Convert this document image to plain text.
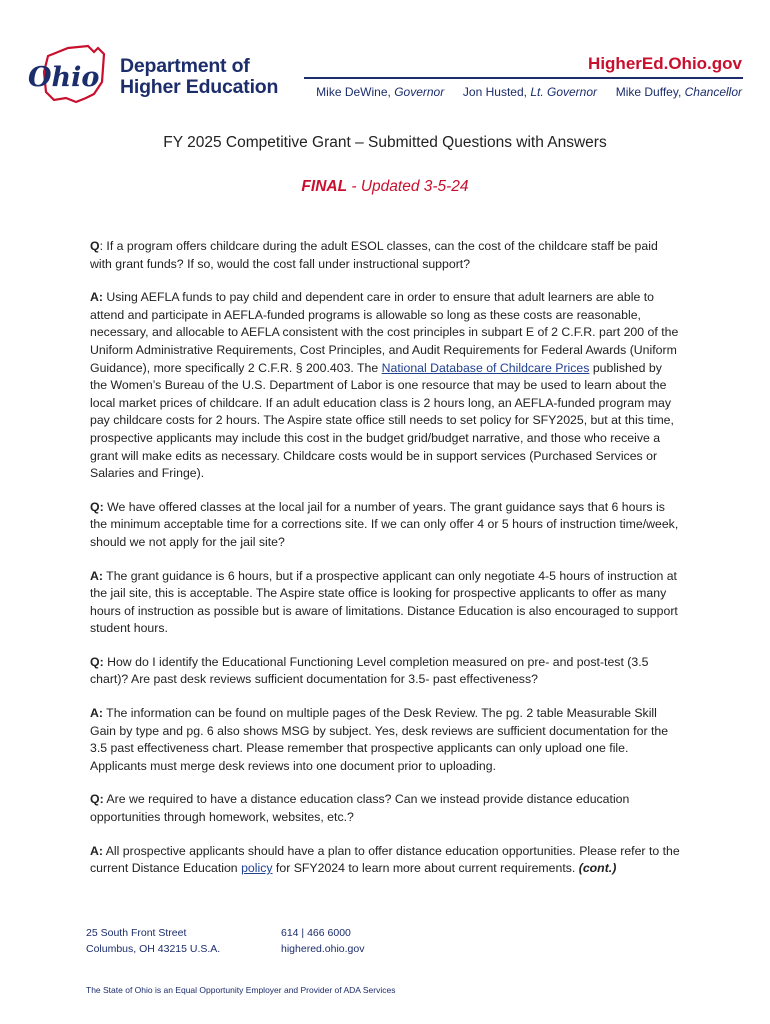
Ohio Department of
Higher Education
HigherEd.Ohio.gov
Mike DeWine, Governor Jon Husted, Lt. Governor Mike Duffey, Chancellor
FY 2025 Competitive Grant – Submitted Questions with Answers
FINAL - Updated 3-5-24

Q: If a program offers childcare during the adult ESOL classes, can the cost of the childcare staff be paid with grant funds? If so, would the cost fall under instructional support?

A: Using AEFLA funds to pay child and dependent care in order to ensure that adult learners are able to attend and participate in AEFLA-funded programs is allowable so long as these costs are reasonable, necessary, and allocable to AEFLA consistent with the cost principles in subpart E of 2 C.F.R. part 200 of the Uniform Administrative Requirements, Cost Principles, and Audit Requirements for Federal Awards (Uniform Guidance), more specifically 2 C.F.R. § 200.403. The National Database of Childcare Prices published by the Women’s Bureau of the U.S. Department of Labor is one resource that may be used to learn about the local market prices of childcare. If an adult education class is 2 hours long, an AEFLA-funded program may pay childcare costs for 2 hours. The Aspire state office still needs to set policy for SFY2025, but at this time, prospective applicants may include this cost in the budget grid/budget narrative, and those who receive a grant will make edits as necessary. Childcare costs would be in support services (Purchased Services or Salaries and Fringe).

Q: We have offered classes at the local jail for a number of years. The grant guidance says that 6 hours is the minimum acceptable time for a corrections site. If we can only offer 4 or 5 hours of instruction time/week, should we not apply for the jail site?

A: The grant guidance is 6 hours, but if a prospective applicant can only negotiate 4-5 hours of instruction at the jail site, this is acceptable. The Aspire state office is looking for prospective applicants to offer as many hours of instruction as possible but is aware of limitations. Distance Education is also encouraged to support student hours.

Q: How do I identify the Educational Functioning Level completion measured on pre- and post-test (3.5 chart)? Are past desk reviews sufficient documentation for 3.5- past effectiveness?

A: The information can be found on multiple pages of the Desk Review. The pg. 2 table Measurable Skill Gain by type and pg. 6 also shows MSG by subject. Yes, desk reviews are sufficient documentation for the 3.5 past effectiveness chart. Please remember that prospective applicants can only upload one file. Applicants must merge desk reviews into one document prior to uploading.

Q: Are we required to have a distance education class? Can we instead provide distance education opportunities through homework, websites, etc.?

A: All prospective applicants should have a plan to offer distance education opportunities. Please refer to the current Distance Education policy for SFY2024 to learn more about current requirements. (cont.)

25 South Front Street
Columbus, OH 43215 U.S.A.
614 | 466 6000
highered.ohio.gov
The State of Ohio is an Equal Opportunity Employer and Provider of ADA Services
